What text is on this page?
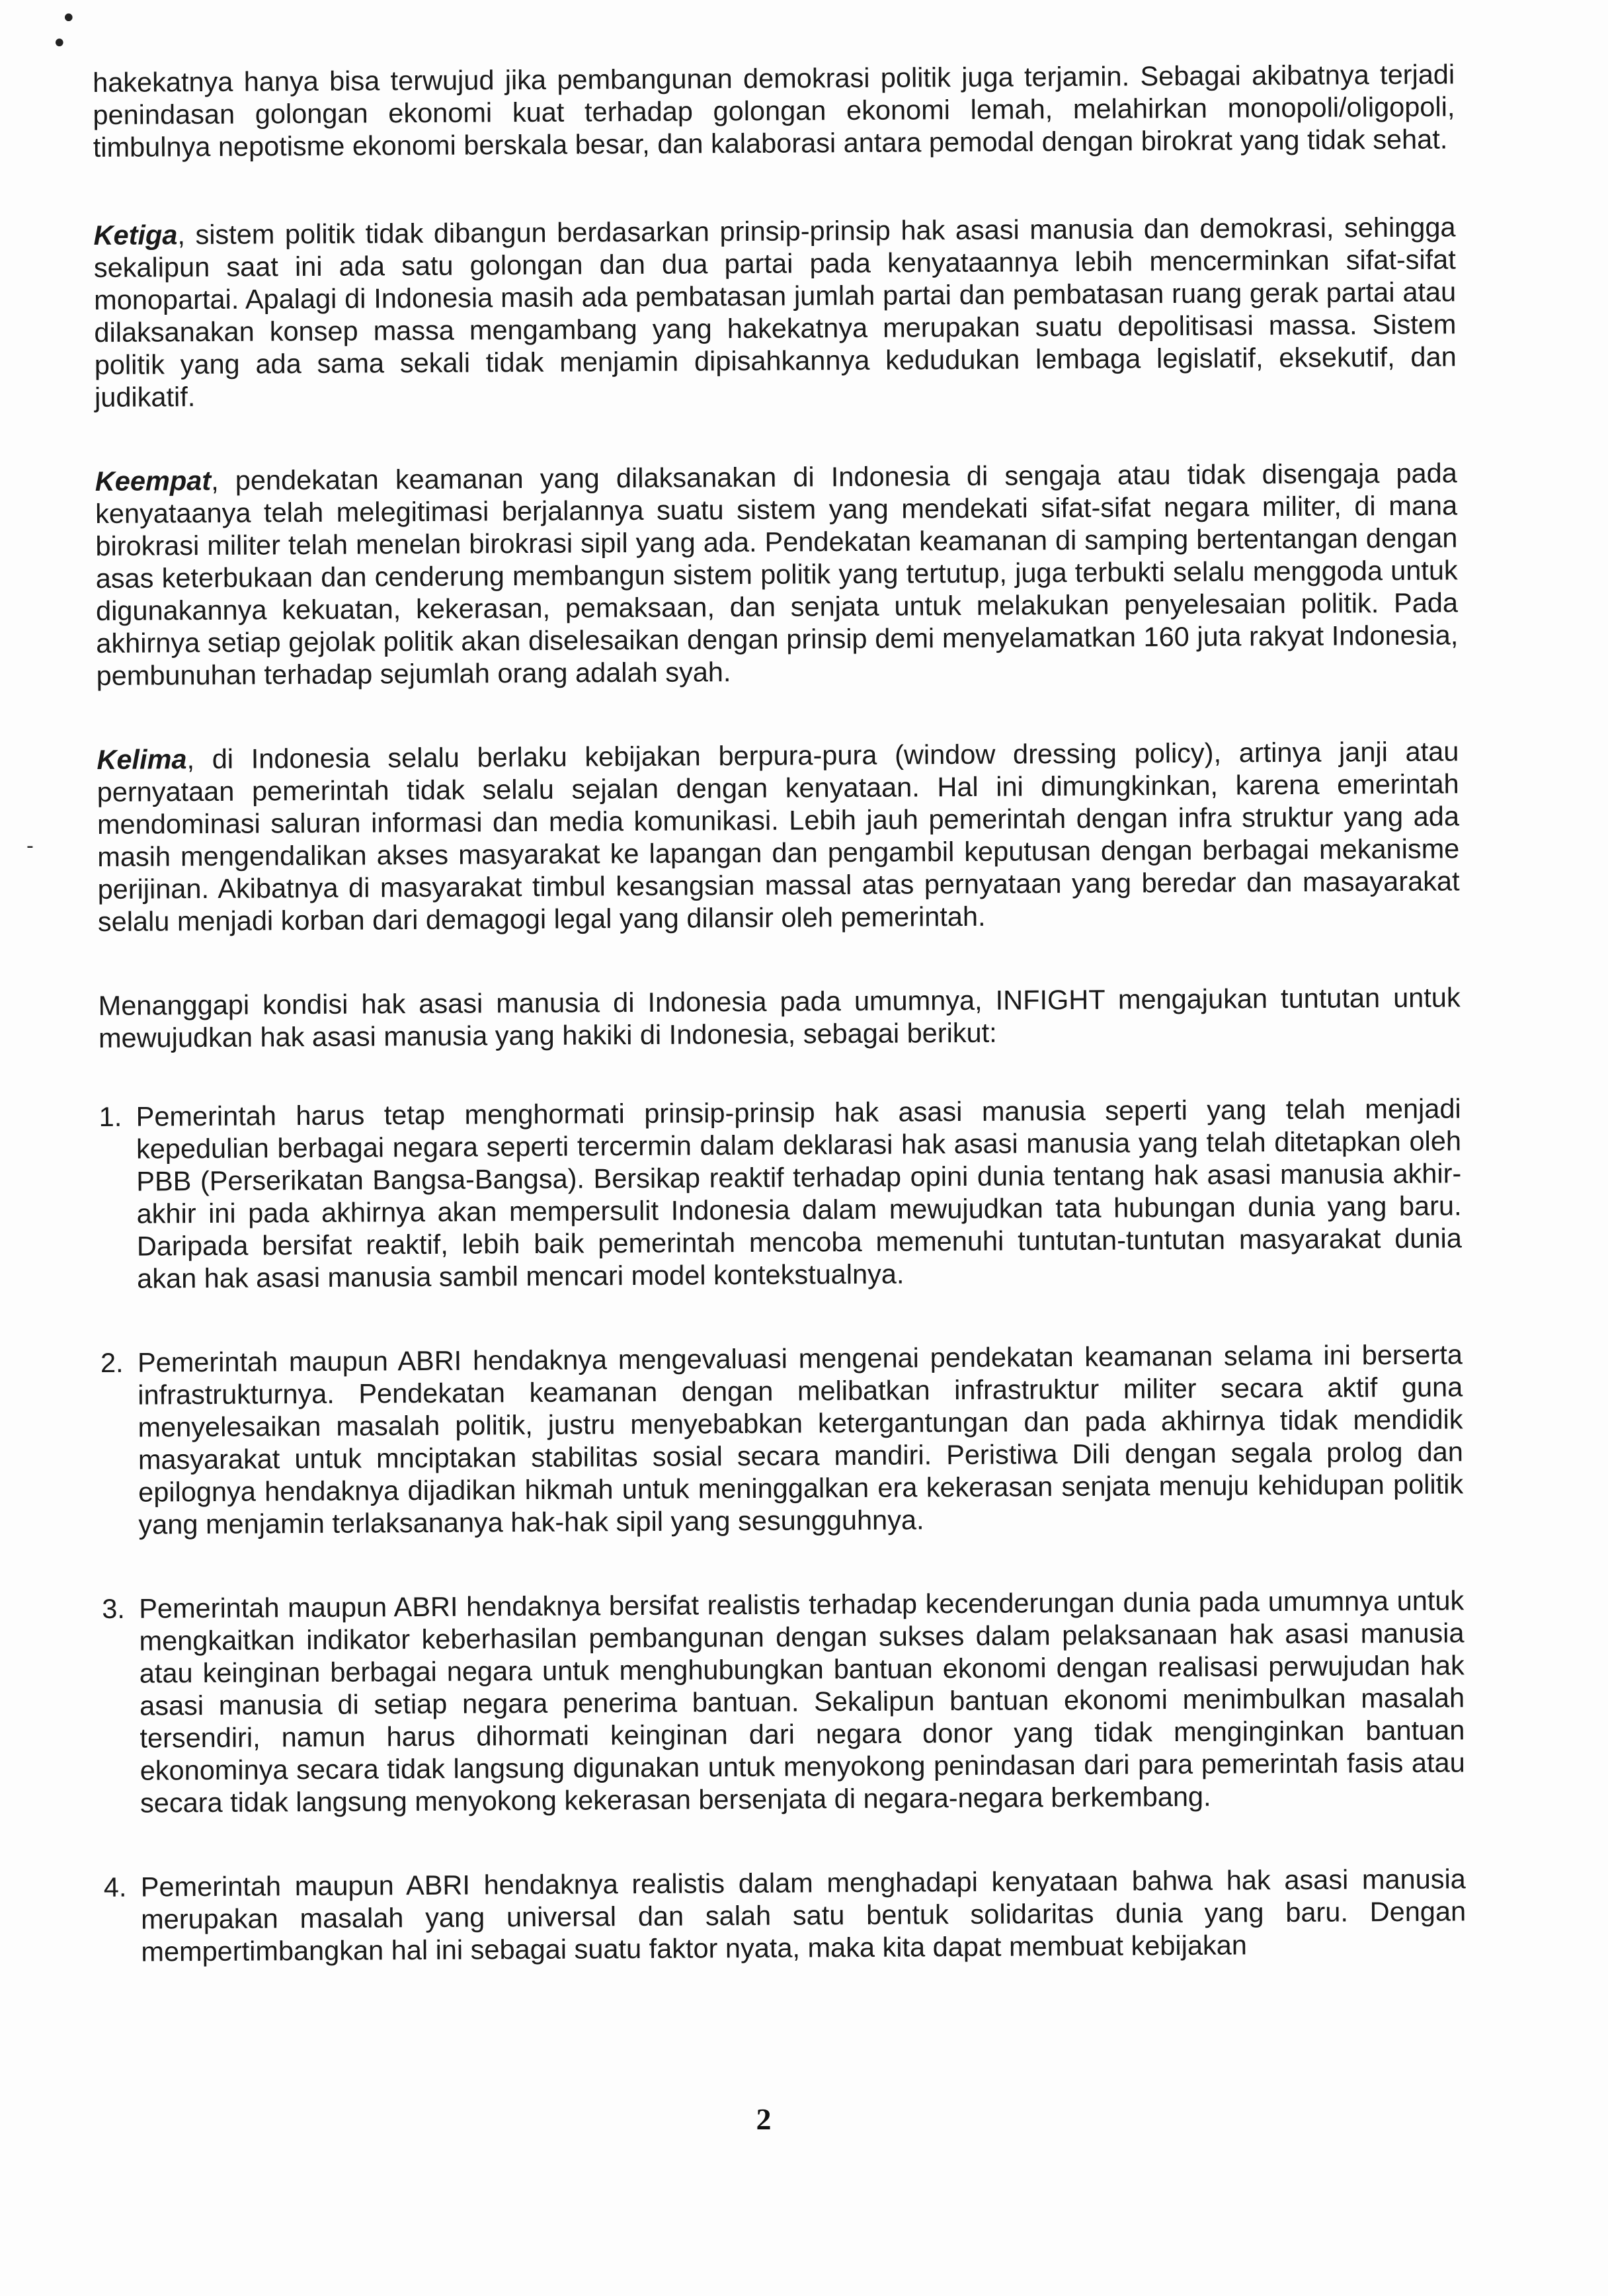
•
•
-

hakekatnya hanya bisa terwujud jika pembangunan demokrasi politik juga terjamin. Sebagai akibatnya terjadi penindasan golongan ekonomi kuat terhadap golongan ekonomi lemah, melahirkan monopoli/oligopoli, timbulnya nepotisme ekonomi berskala besar, dan kalaborasi antara pemodal dengan birokrat yang tidak sehat.

Ketiga, sistem politik tidak dibangun berdasarkan prinsip-prinsip hak asasi manusia dan demokrasi, sehingga sekalipun saat ini ada satu golongan dan dua partai pada kenyataannya lebih mencerminkan sifat-sifat monopartai. Apalagi di Indonesia masih ada pembatasan jumlah partai dan pembatasan ruang gerak partai atau dilaksanakan konsep massa mengambang yang hakekatnya merupakan suatu depolitisasi massa. Sistem politik yang ada sama sekali tidak menjamin dipisahkannya kedudukan lembaga legislatif, eksekutif, dan judikatif.

Keempat, pendekatan keamanan yang dilaksanakan di Indonesia di sengaja atau tidak disengaja pada kenyataanya telah melegitimasi berjalannya suatu sistem yang mendekati sifat-sifat negara militer, di mana birokrasi militer telah menelan birokrasi sipil yang ada. Pendekatan keamanan di samping bertentangan dengan asas keterbukaan dan cenderung membangun sistem politik yang tertutup, juga terbukti selalu menggoda untuk digunakannya kekuatan, kekerasan, pemaksaan, dan senjata untuk melakukan penyelesaian politik. Pada akhirnya setiap gejolak politik akan diselesaikan dengan prinsip demi menyelamatkan 160 juta rakyat Indonesia, pembunuhan terhadap sejumlah orang adalah syah.

Kelima, di Indonesia selalu berlaku kebijakan berpura-pura (window dressing policy), artinya janji atau pernyataan pemerintah tidak selalu sejalan dengan kenyataan. Hal ini dimungkinkan, karena emerintah mendominasi saluran informasi dan media komunikasi. Lebih jauh pemerintah dengan infra struktur yang ada masih mengendalikan akses masyarakat ke lapangan dan pengambil keputusan dengan berbagai mekanisme perijinan. Akibatnya di masyarakat timbul kesangsian massal atas pernyataan yang beredar dan masayarakat selalu menjadi korban dari demagogi legal yang dilansir oleh pemerintah.

Menanggapi kondisi hak asasi manusia di Indonesia pada umumnya, INFIGHT mengajukan tuntutan untuk mewujudkan hak asasi manusia yang hakiki di Indonesia, sebagai berikut:

1. Pemerintah harus tetap menghormati prinsip-prinsip hak asasi manusia seperti yang telah menjadi kepedulian berbagai negara seperti tercermin dalam deklarasi hak asasi manusia yang telah ditetapkan oleh PBB (Perserikatan Bangsa-Bangsa). Bersikap reaktif terhadap opini dunia tentang hak asasi manusia akhir-akhir ini pada akhirnya akan mempersulit Indonesia dalam mewujudkan tata hubungan dunia yang baru. Daripada bersifat reaktif, lebih baik pemerintah mencoba memenuhi tuntutan-tuntutan masyarakat dunia akan hak asasi manusia sambil mencari model kontekstualnya.
2. Pemerintah maupun ABRI hendaknya mengevaluasi mengenai pendekatan keamanan selama ini berserta infrastrukturnya. Pendekatan keamanan dengan melibatkan infrastruktur militer secara aktif guna menyelesaikan masalah politik, justru menyebabkan ketergantungan dan pada akhirnya tidak mendidik masyarakat untuk mnciptakan stabilitas sosial secara mandiri. Peristiwa Dili dengan segala prolog dan epilognya hendaknya dijadikan hikmah untuk meninggalkan era kekerasan senjata menuju kehidupan politik yang menjamin terlaksananya hak-hak sipil yang sesungguhnya.
3. Pemerintah maupun ABRI hendaknya bersifat realistis terhadap kecenderungan dunia pada umumnya untuk mengkaitkan indikator keberhasilan pembangunan dengan sukses dalam pelaksanaan hak asasi manusia atau keinginan berbagai negara untuk menghubungkan bantuan ekonomi dengan realisasi perwujudan hak asasi manusia di setiap negara penerima bantuan. Sekalipun bantuan ekonomi menimbulkan masalah tersendiri, namun harus dihormati keinginan dari negara donor yang tidak menginginkan bantuan ekonominya secara tidak langsung digunakan untuk menyokong penindasan dari para pemerintah fasis atau secara tidak langsung menyokong kekerasan bersenjata di negara-negara berkembang.
4. Pemerintah maupun ABRI hendaknya realistis dalam menghadapi kenyataan bahwa hak asasi manusia merupakan masalah yang universal dan salah satu bentuk solidaritas dunia yang baru. Dengan mempertimbangkan hal ini sebagai suatu faktor nyata, maka kita dapat membuat kebijakan
2
